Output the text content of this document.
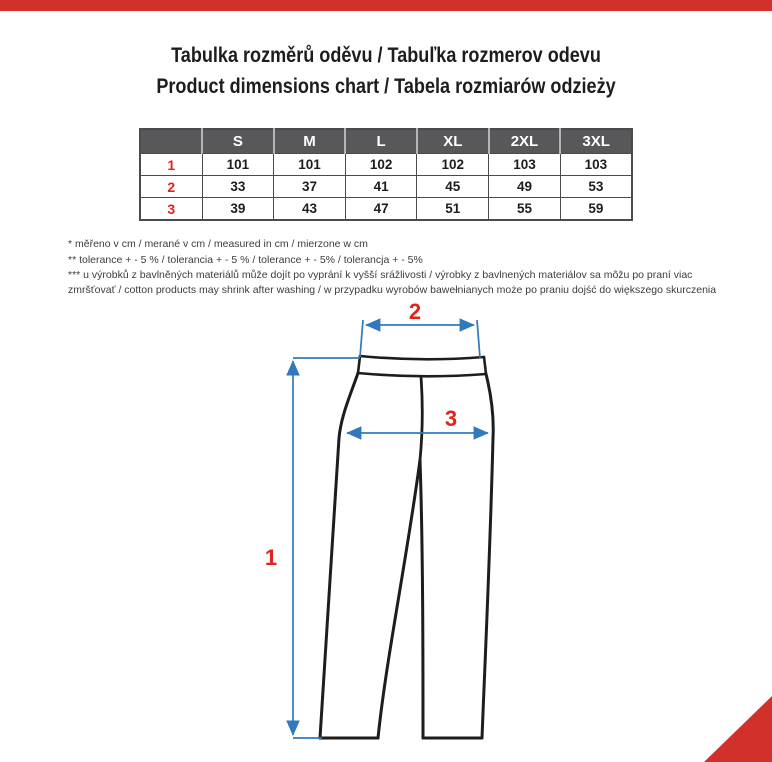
Tabulka rozměrů oděvu / Tabuľka rozmerov odevu
Product dimensions chart / Tabela rozmiarów odzieży
	S	M	L	XL	2XL	3XL
1	101	101	102	102	103	103
2	33	37	41	45	49	53
3	39	43	47	51	55	59

* měřeno v cm / merané v cm / measured in cm / mierzone w cm

** tolerance + - 5 % / tolerancia + - 5 % / tolerance + - 5% / tolerancja + - 5%

*** u výrobků z bavlněných materiálů může dojít po vyprání k vyšší srážlivosti / výrobky z bavlnených materiálov sa môžu po praní viac zmršťovať / cotton products may shrink after washing / w przypadku wyrobów bawełnianych może po praniu dojść do większego skurczenia

2
3
1
